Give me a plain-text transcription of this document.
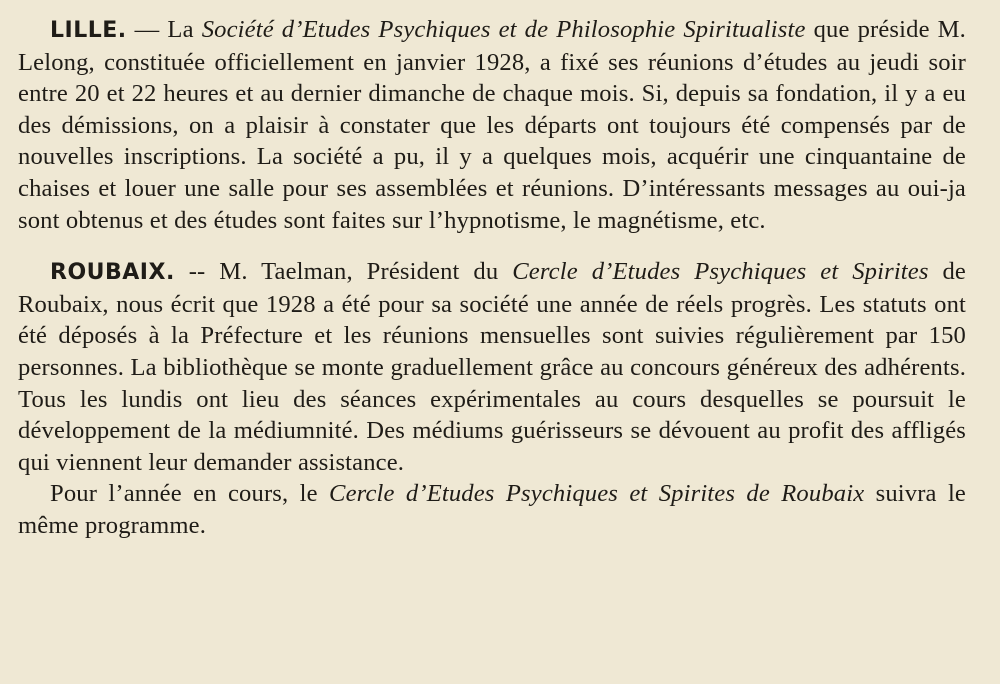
LILLE. — La Société d’Etudes Psychiques et de Philosophie Spiritualiste que préside M. Lelong, constituée officiellement en janvier 1928, a fixé ses réunions d’études au jeudi soir entre 20 et 22 heures et au dernier dimanche de chaque mois. Si, depuis sa fondation, il y a eu des démissions, on a plaisir à constater que les départs ont toujours été compensés par de nouvelles inscriptions. La société a pu, il y a quelques mois, acquérir une cinquantaine de chaises et louer une salle pour ses assemblées et réunions. D’intéressants messages au oui-ja sont obtenus et des études sont faites sur l’hypnotisme, le magnétisme, etc.

ROUBAIX. -- M. Taelman, Président du Cercle d’Etudes Psychiques et Spirites de Roubaix, nous écrit que 1928 a été pour sa société une année de réels progrès. Les statuts ont été déposés à la Préfecture et les réunions mensuelles sont suivies régulièrement par 150 personnes. La bibliothèque se monte graduellement grâce au concours généreux des adhérents. Tous les lundis ont lieu des séances expérimentales au cours desquelles se poursuit le développement de la médiumnité. Des médiums guérisseurs se dévouent au profit des affligés qui viennent leur demander assistance.

Pour l’année en cours, le Cercle d’Etudes Psychiques et Spirites de Roubaix suivra le même programme.
